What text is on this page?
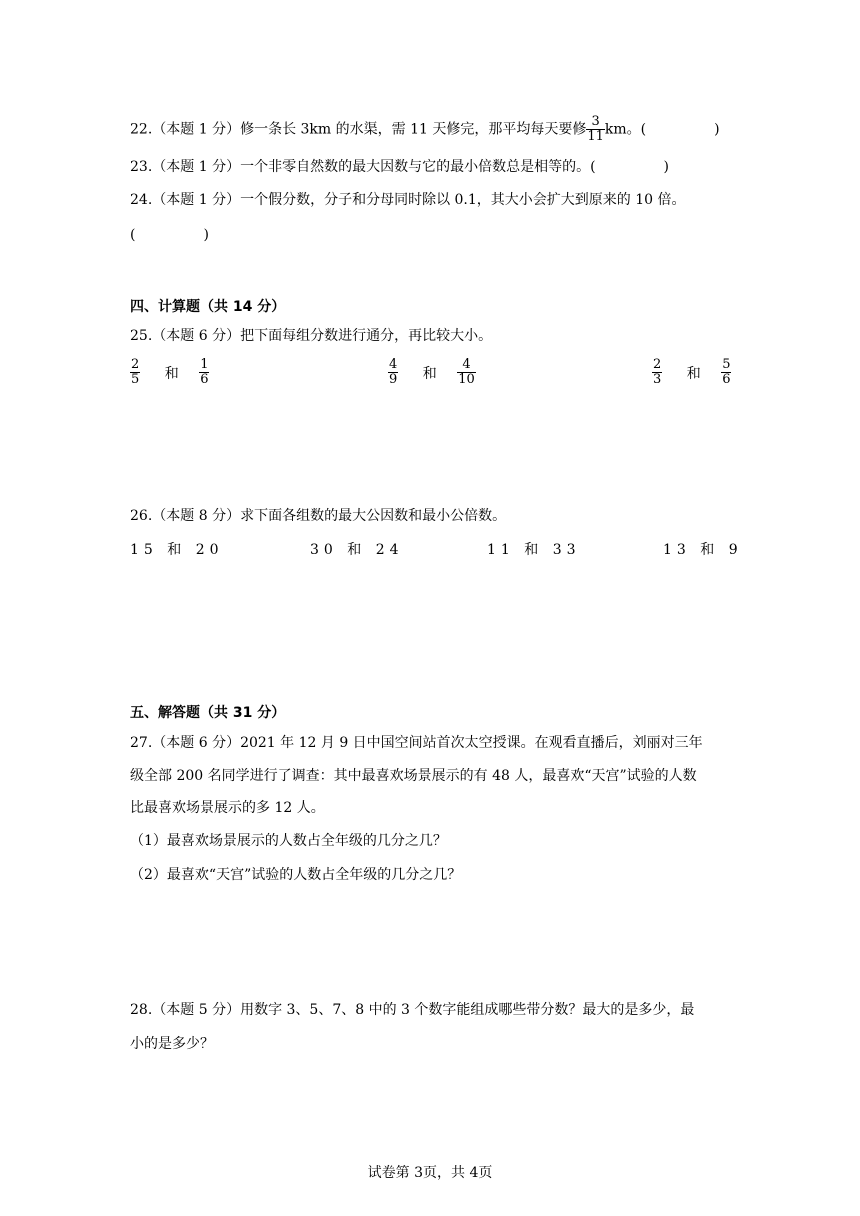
22.（本题 1 分）修一条长 3km 的水渠，需 11 天修完，那平均每天要修 $\frac{3}{11}$ km。(	)
23.（本题 1 分）一个非零自然数的最大因数与它的最小倍数总是相等的。(	)
24.（本题 1 分）一个假分数，分子和分母同时除以 0.1，其大小会扩大到原来的 10 倍。
(	)
四、计算题（共 14 分）
25.（本题 6 分）把下面每组分数进行通分，再比较大小。
$\frac{2}{5}$ 和 $\frac{1}{6}$	$\frac{4}{9}$ 和 $\frac{4}{10}$	$\frac{2}{3}$ 和 $\frac{5}{6}$
26.（本题 8 分）求下面各组数的最大公因数和最小公倍数。
15 和 20	30 和 24	11 和 33	13 和 9
五、解答题（共 31 分）
27.（本题 6 分）2021 年 12 月 9 日中国空间站首次太空授课。在观看直播后，刘丽对三年
级全部 200 名同学进行了调查：其中最喜欢场景展示的有 48 人，最喜欢“天宫”试验的人数
比最喜欢场景展示的多 12 人。
（1）最喜欢场景展示的人数占全年级的几分之几？
（2）最喜欢“天宫”试验的人数占全年级的几分之几？
28.（本题 5 分）用数字 3、5、7、8 中的 3 个数字能组成哪些带分数？最大的是多少，最
小的是多少？
试卷第 3页，共 4页
